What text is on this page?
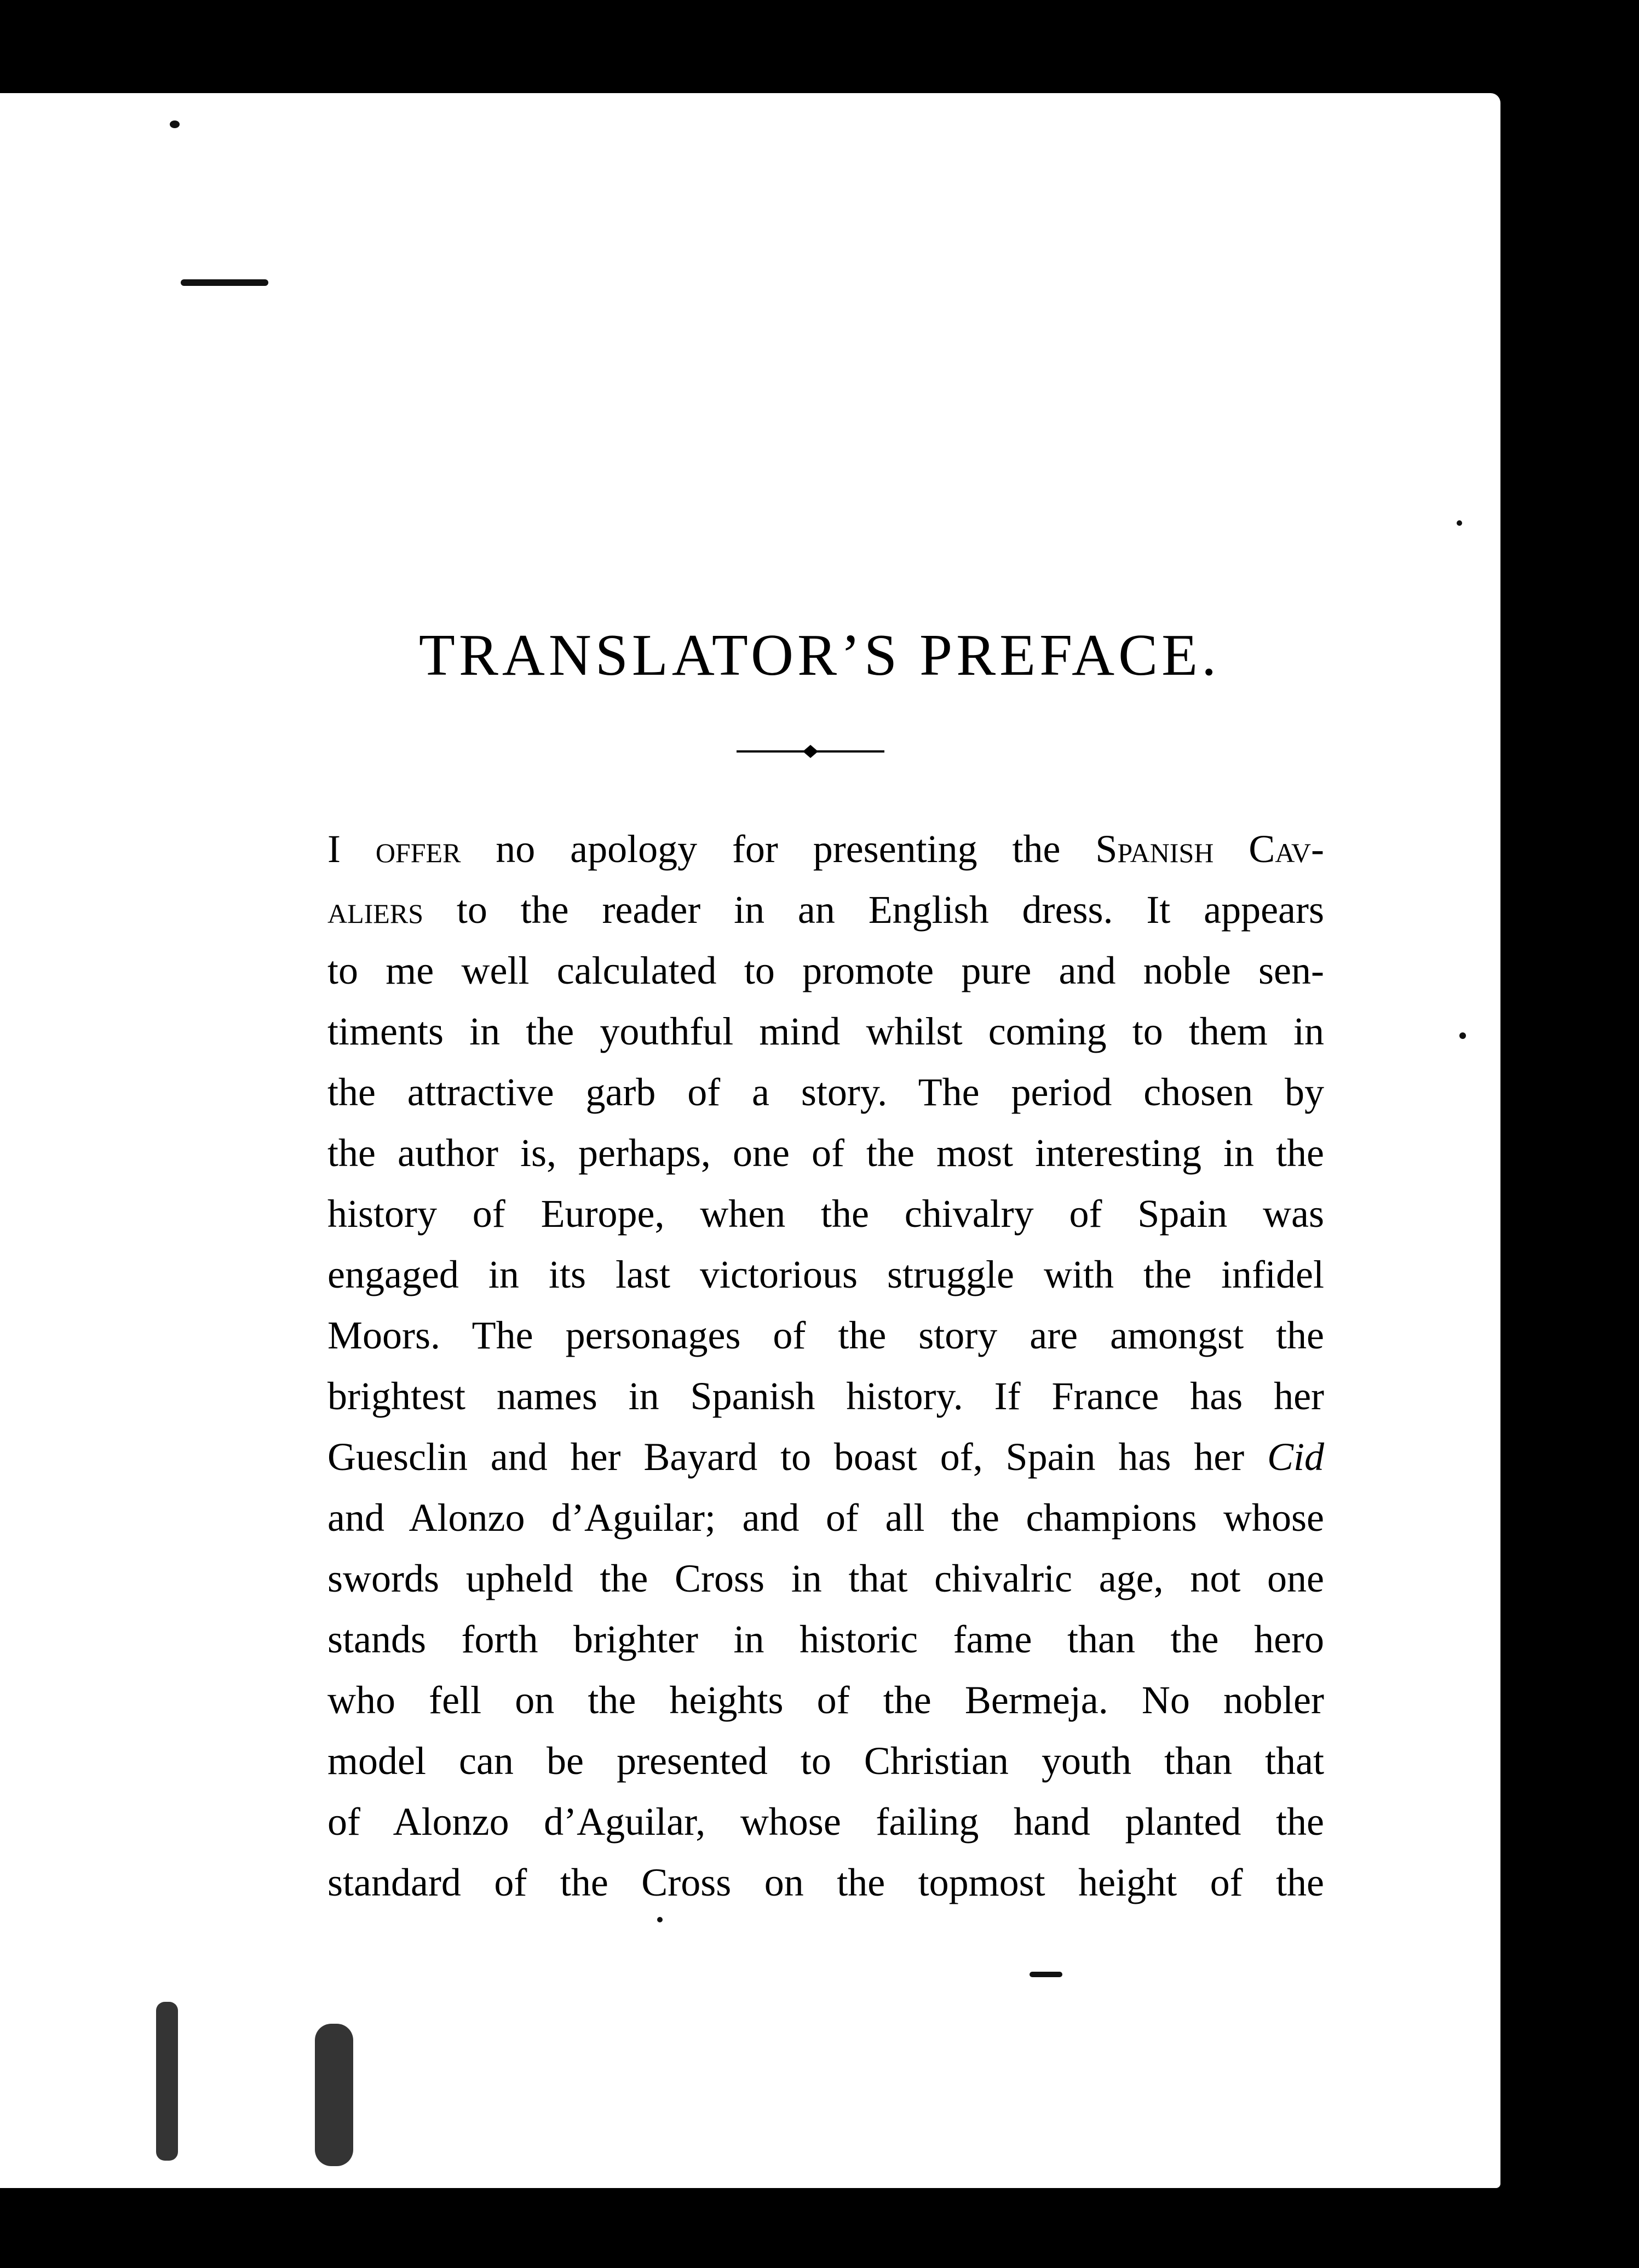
TRANSLATOR’S PREFACE.
I offer no apology for presenting the Spanish Cav-
aliers to the reader in an English dress. It appears
to me well calculated to promote pure and noble sen-
timents in the youthful mind whilst coming to them in
the attractive garb of a story. The period chosen by
the author is, perhaps, one of the most interesting in the
history of Europe, when the chivalry of Spain was
engaged in its last victorious struggle with the infidel
Moors. The personages of the story are amongst the
brightest names in Spanish history. If France has her
Guesclin and her Bayard to boast of, Spain has her Cid
and Alonzo d’Aguilar; and of all the champions whose
swords upheld the Cross in that chivalric age, not one
stands forth brighter in historic fame than the hero
who fell on the heights of the Bermeja. No nobler
model can be presented to Christian youth than that
of Alonzo d’Aguilar, whose failing hand planted the
standard of the Cross on the topmost height of the
